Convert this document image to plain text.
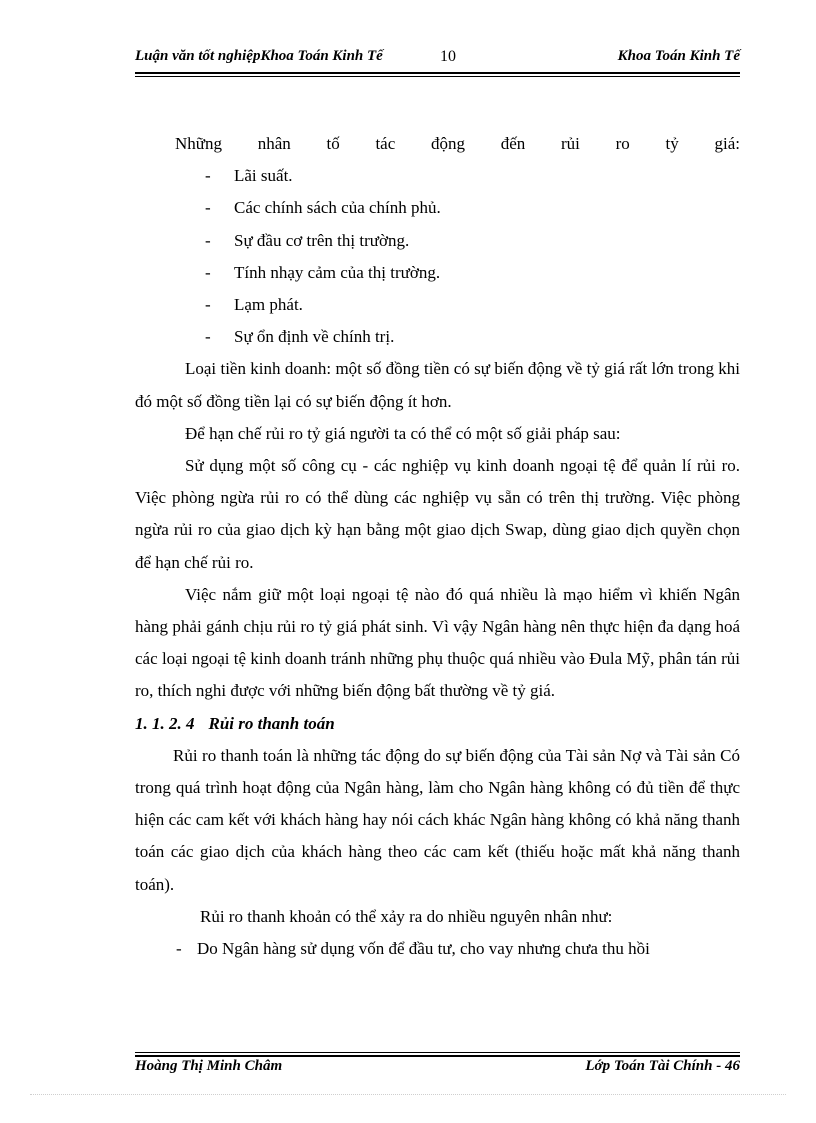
Luận văn tốt nghiệpKhoa Toán Kinh Tế	10	Khoa Toán Kinh Tế

Những nhân tố tác động đến rủi ro tỷ giá:

- Lãi suất.
- Các chính sách của chính phủ.
- Sự đầu cơ trên thị trường.
- Tính nhạy cảm của thị trường.
- Lạm phát.
- Sự ổn định về chính trị.

Loại tiền kinh doanh: một số đồng tiền có sự biến động về tỷ giá rất lớn trong khi đó một số đồng tiền lại có sự biến động ít hơn.

Để hạn chế rủi ro tỷ giá người ta có thể có một số giải pháp sau:

Sử dụng một số công cụ - các nghiệp vụ kinh doanh ngoại tệ để quản lí rủi ro. Việc phòng ngừa rủi ro có thể dùng các nghiệp vụ sẵn có trên thị trường. Việc phòng ngừa rủi ro của giao dịch kỳ hạn bằng một giao dịch Swap, dùng giao dịch quyền chọn để hạn chế rủi ro.

Việc nắm giữ một loại ngoại tệ nào đó quá nhiều là mạo hiểm vì khiến Ngân hàng phải gánh chịu rủi ro tỷ giá phát sinh. Vì vậy Ngân hàng nên thực hiện đa dạng hoá các loại ngoại tệ kinh doanh tránh những phụ thuộc quá nhiều vào Đula Mỹ, phân tán rủi ro, thích nghi được với những biến động bất thường về tỷ giá.

1. 1. 2. 4 Rủi ro thanh toán

Rủi ro thanh toán là những tác động do sự biến động của Tài sản Nợ và Tài sản Có trong quá trình hoạt động của Ngân hàng, làm cho Ngân hàng không có đủ tiền để thực hiện các cam kết với khách hàng hay nói cách khác Ngân hàng không có khả năng thanh toán các giao dịch của khách hàng theo các cam kết (thiếu hoặc mất khả năng thanh toán).

Rủi ro thanh khoản có thể xảy ra do nhiều nguyên nhân như:

- Do Ngân hàng sử dụng vốn để đầu tư, cho vay nhưng chưa thu hồi

Hoàng Thị Minh Châm	Lớp Toán Tài Chính - 46
